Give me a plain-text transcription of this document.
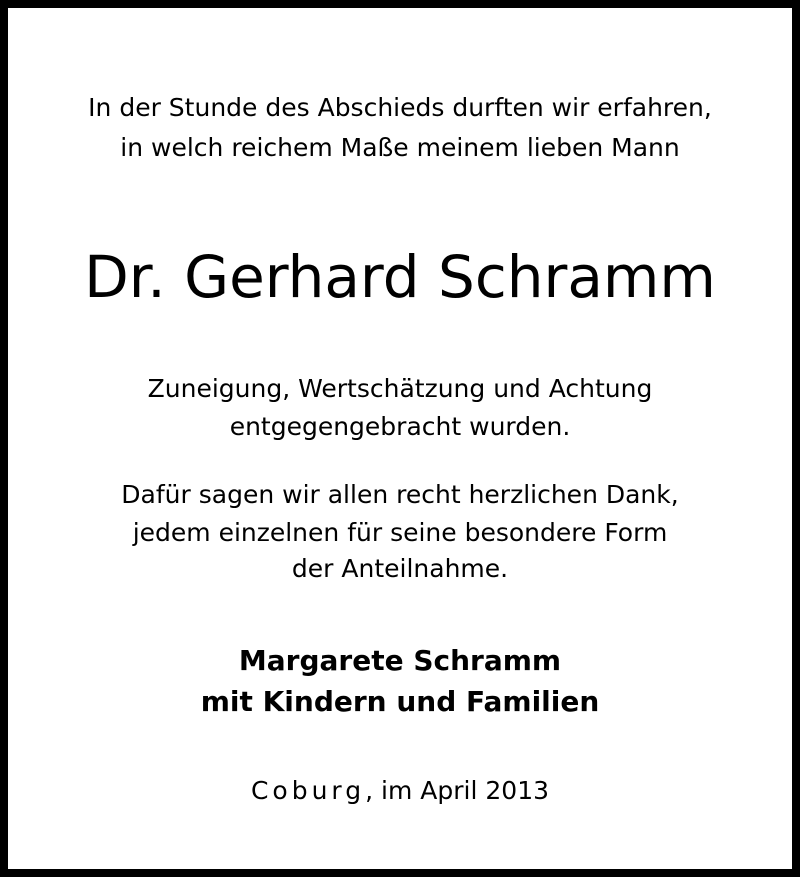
In der Stunde des Abschieds durften wir erfahren,
in welch reichem Maße meinem lieben Mann
Dr. Gerhard Schramm
Zuneigung, Wertschätzung und Achtung
entgegengebracht wurden.
Dafür sagen wir allen recht herzlichen Dank,
jedem einzelnen für seine besondere Form
der Anteilnahme.
Margarete Schramm
mit Kindern und Familien
Coburg, im April 2013
